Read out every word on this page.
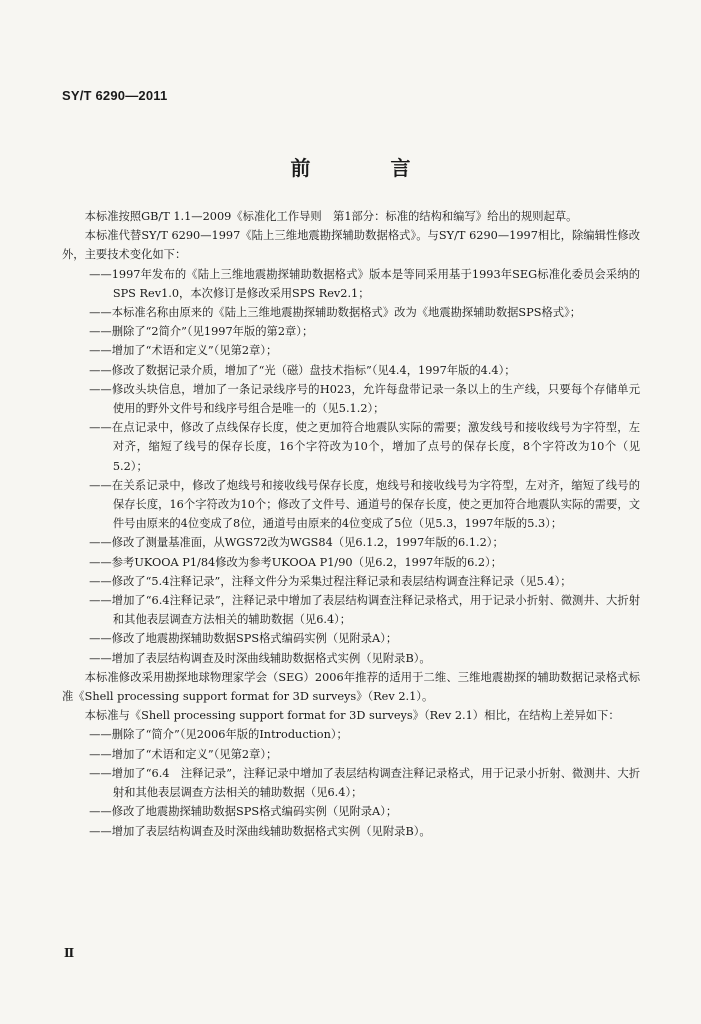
SY/T 6290—2011
前　言

本标准按照GB/T 1.1—2009《标准化工作导则　第1部分：标准的结构和编写》给出的规则起草。

本标准代替SY/T 6290—1997《陆上三维地震勘探辅助数据格式》。与SY/T 6290—1997相比，除编辑性修改外，主要技术变化如下：

——1997年发布的《陆上三维地震勘探辅助数据格式》版本是等同采用基于1993年SEG标准化委员会采纳的SPS Rev1.0，本次修订是修改采用SPS Rev2.1；

——本标准名称由原来的《陆上三维地震勘探辅助数据格式》改为《地震勘探辅助数据SPS格式》；

——删除了“2简介”（见1997年版的第2章）；

——增加了“术语和定义”（见第2章）；

——修改了数据记录介质，增加了“光（磁）盘技术指标”（见4.4，1997年版的4.4）；

——修改头块信息，增加了一条记录线序号的H023，允许每盘带记录一条以上的生产线，只要每个存储单元使用的野外文件号和线序号组合是唯一的（见5.1.2）；

——在点记录中，修改了点线保存长度，使之更加符合地震队实际的需要；激发线号和接收线号为字符型，左对齐，缩短了线号的保存长度，16个字符改为10个，增加了点号的保存长度，8个字符改为10个（见5.2）；

——在关系记录中，修改了炮线号和接收线号保存长度，炮线号和接收线号为字符型，左对齐，缩短了线号的保存长度，16个字符改为10个；修改了文件号、通道号的保存长度，使之更加符合地震队实际的需要，文件号由原来的4位变成了8位，通道号由原来的4位变成了5位（见5.3，1997年版的5.3）；

——修改了测量基准面，从WGS72改为WGS84（见6.1.2，1997年版的6.1.2）；

——参考UKOOA P1/84修改为参考UKOOA P1/90（见6.2，1997年版的6.2）；

——修改了“5.4注释记录”，注释文件分为采集过程注释记录和表层结构调查注释记录（见5.4）；

——增加了“6.4注释记录”，注释记录中增加了表层结构调查注释记录格式，用于记录小折射、微测井、大折射和其他表层调查方法相关的辅助数据（见6.4）；

——修改了地震勘探辅助数据SPS格式编码实例（见附录A）；

——增加了表层结构调查及时深曲线辅助数据格式实例（见附录B）。

本标准修改采用勘探地球物理家学会（SEG）2006年推荐的适用于二维、三维地震勘探的辅助数据记录格式标准《Shell processing support format for 3D surveys》（Rev 2.1）。

本标准与《Shell processing support format for 3D surveys》（Rev 2.1）相比，在结构上差异如下：

——删除了“简介”（见2006年版的Introduction）；

——增加了“术语和定义”（见第2章）；

——增加了“6.4　注释记录”，注释记录中增加了表层结构调查注释记录格式，用于记录小折射、微测井、大折射和其他表层调查方法相关的辅助数据（见6.4）；

——修改了地震勘探辅助数据SPS格式编码实例（见附录A）；

——增加了表层结构调查及时深曲线辅助数据格式实例（见附录B）。

Ⅱ
